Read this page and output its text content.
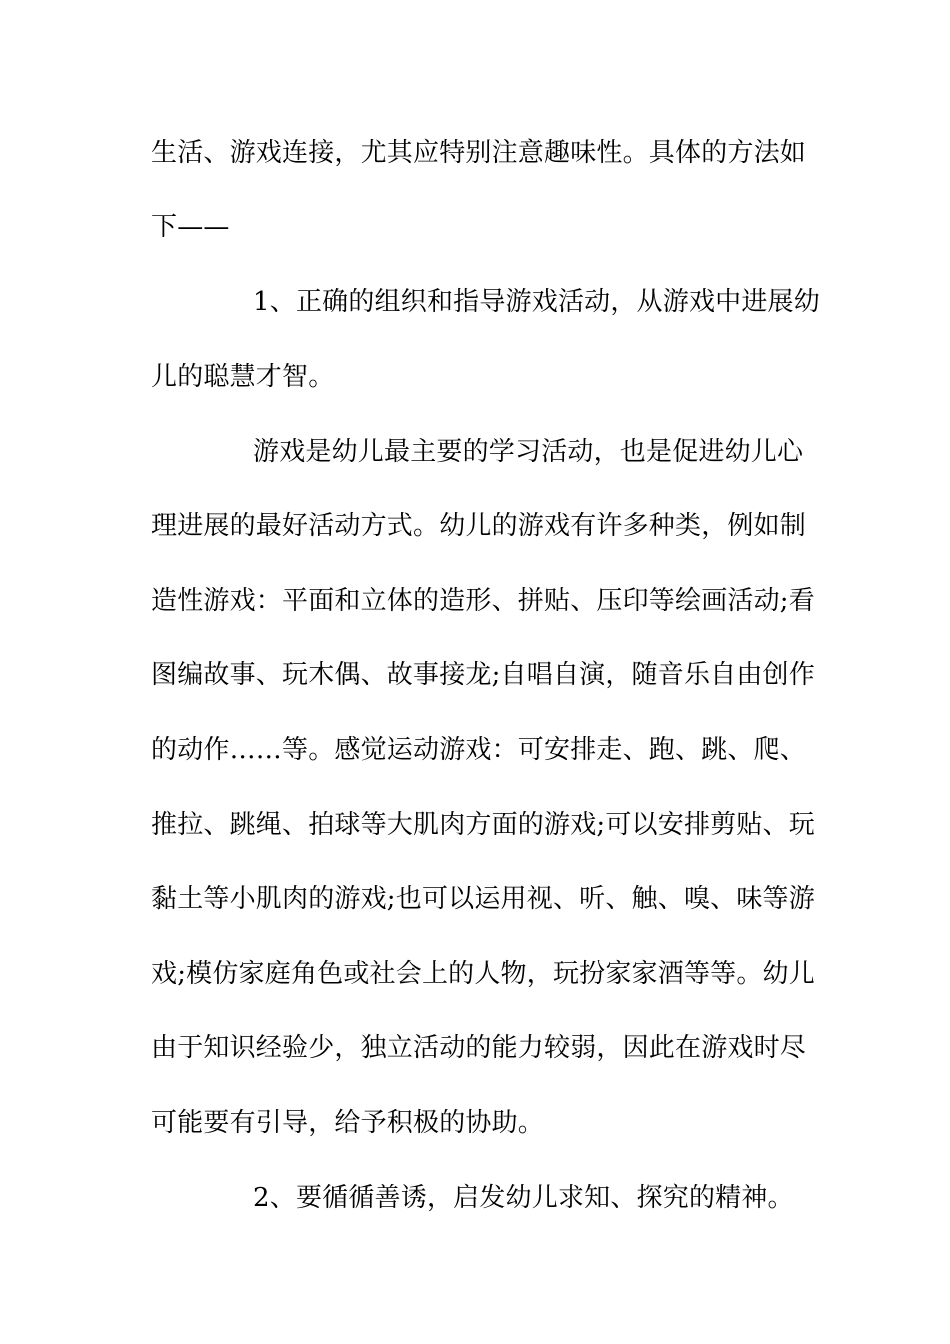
生活、游戏连接，尤其应特别注意趣味性。具体的方法如
下——
1、正确的组织和指导游戏活动，从游戏中进展幼
儿的聪慧才智。
游戏是幼儿最主要的学习活动，也是促进幼儿心
理进展的最好活动方式。幼儿的游戏有许多种类，例如制
造性游戏：平面和立体的造形、拼贴、压印等绘画活动;看
图编故事、玩木偶、故事接龙;自唱自演，随音乐自由创作
的动作……等。感觉运动游戏：可安排走、跑、跳、爬、
推拉、跳绳、拍球等大肌肉方面的游戏;可以安排剪贴、玩
黏土等小肌肉的游戏;也可以运用视、听、触、嗅、味等游
戏;模仿家庭角色或社会上的人物，玩扮家家酒等等。幼儿
由于知识经验少，独立活动的能力较弱，因此在游戏时尽
可能要有引导，给予积极的协助。
2、要循循善诱，启发幼儿求知、探究的精神。
